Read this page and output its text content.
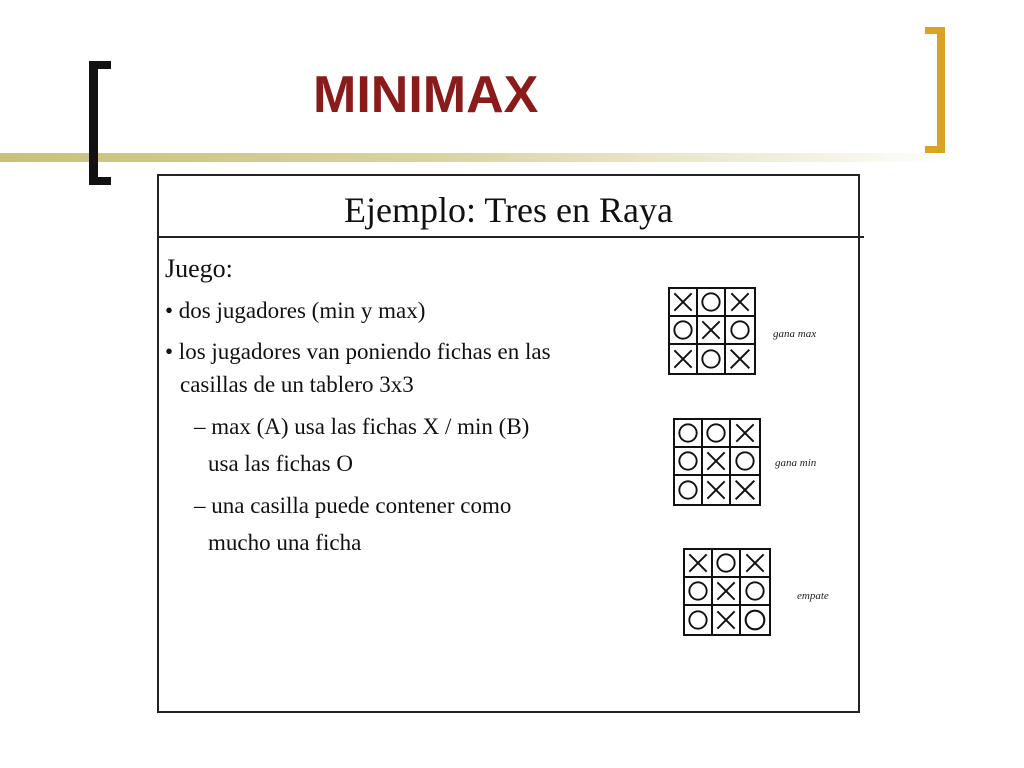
MINIMAX
Ejemplo: Tres en Raya
Juego:
• dos jugadores (min y max)
• los jugadores van poniendo fichas en las
casillas de un tablero 3x3
– max (A) usa las fichas X / min (B)
usa las fichas O
– una casilla puede contener como
mucho una ficha
gana max
gana min
empate
